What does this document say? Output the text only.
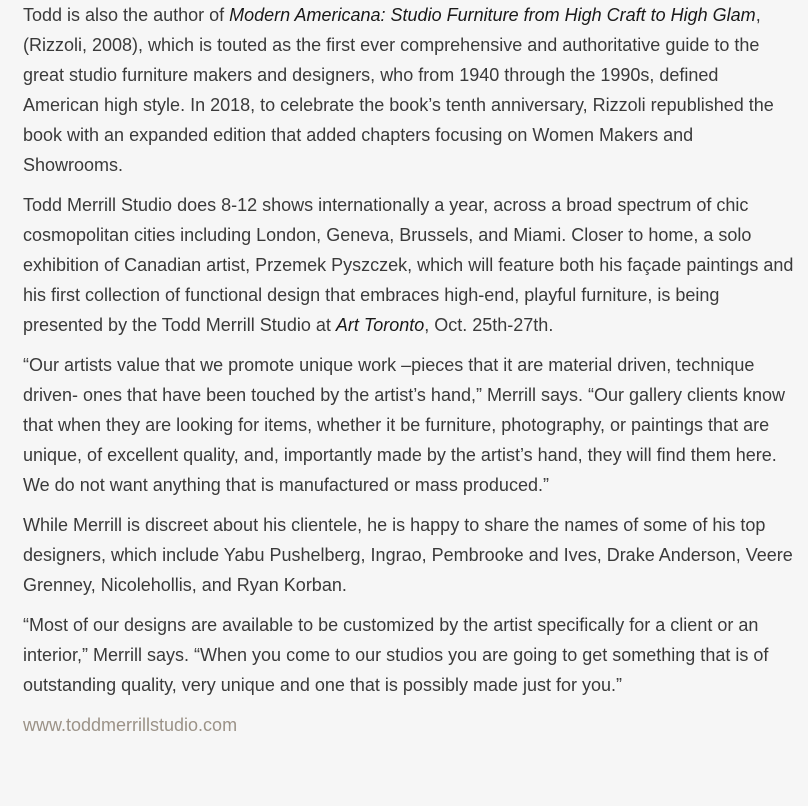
Todd is also the author of Modern Americana: Studio Furniture from High Craft to High Glam, (Rizzoli, 2008), which is touted as the first ever comprehensive and authoritative guide to the great studio furniture makers and designers, who from 1940 through the 1990s, defined American high style. In 2018, to celebrate the book’s tenth anniversary, Rizzoli republished the book with an expanded edition that added chapters focusing on Women Makers and Showrooms.

Todd Merrill Studio does 8-12 shows internationally a year, across a broad spectrum of chic cosmopolitan cities including London, Geneva, Brussels, and Miami. Closer to home, a solo exhibition of Canadian artist, Przemek Pyszczek, which will feature both his façade paintings and his first collection of functional design that embraces high-end, playful furniture, is being presented by the Todd Merrill Studio at Art Toronto, Oct. 25th-27th.

“Our artists value that we promote unique work –pieces that it are material driven, technique driven- ones that have been touched by the artist’s hand,” Merrill says. “Our gallery clients know that when they are looking for items, whether it be furniture, photography, or paintings that are unique, of excellent quality, and, importantly made by the artist’s hand, they will find them here. We do not want anything that is manufactured or mass produced.”

While Merrill is discreet about his clientele, he is happy to share the names of some of his top designers, which include Yabu Pushelberg, Ingrao, Pembrooke and Ives, Drake Anderson, Veere Grenney, Nicolehollis, and Ryan Korban.

“Most of our designs are available to be customized by the artist specifically for a client or an interior,” Merrill says. “When you come to our studios you are going to get something that is of outstanding quality, very unique and one that is possibly made just for you.”

www.toddmerrillstudio.com
